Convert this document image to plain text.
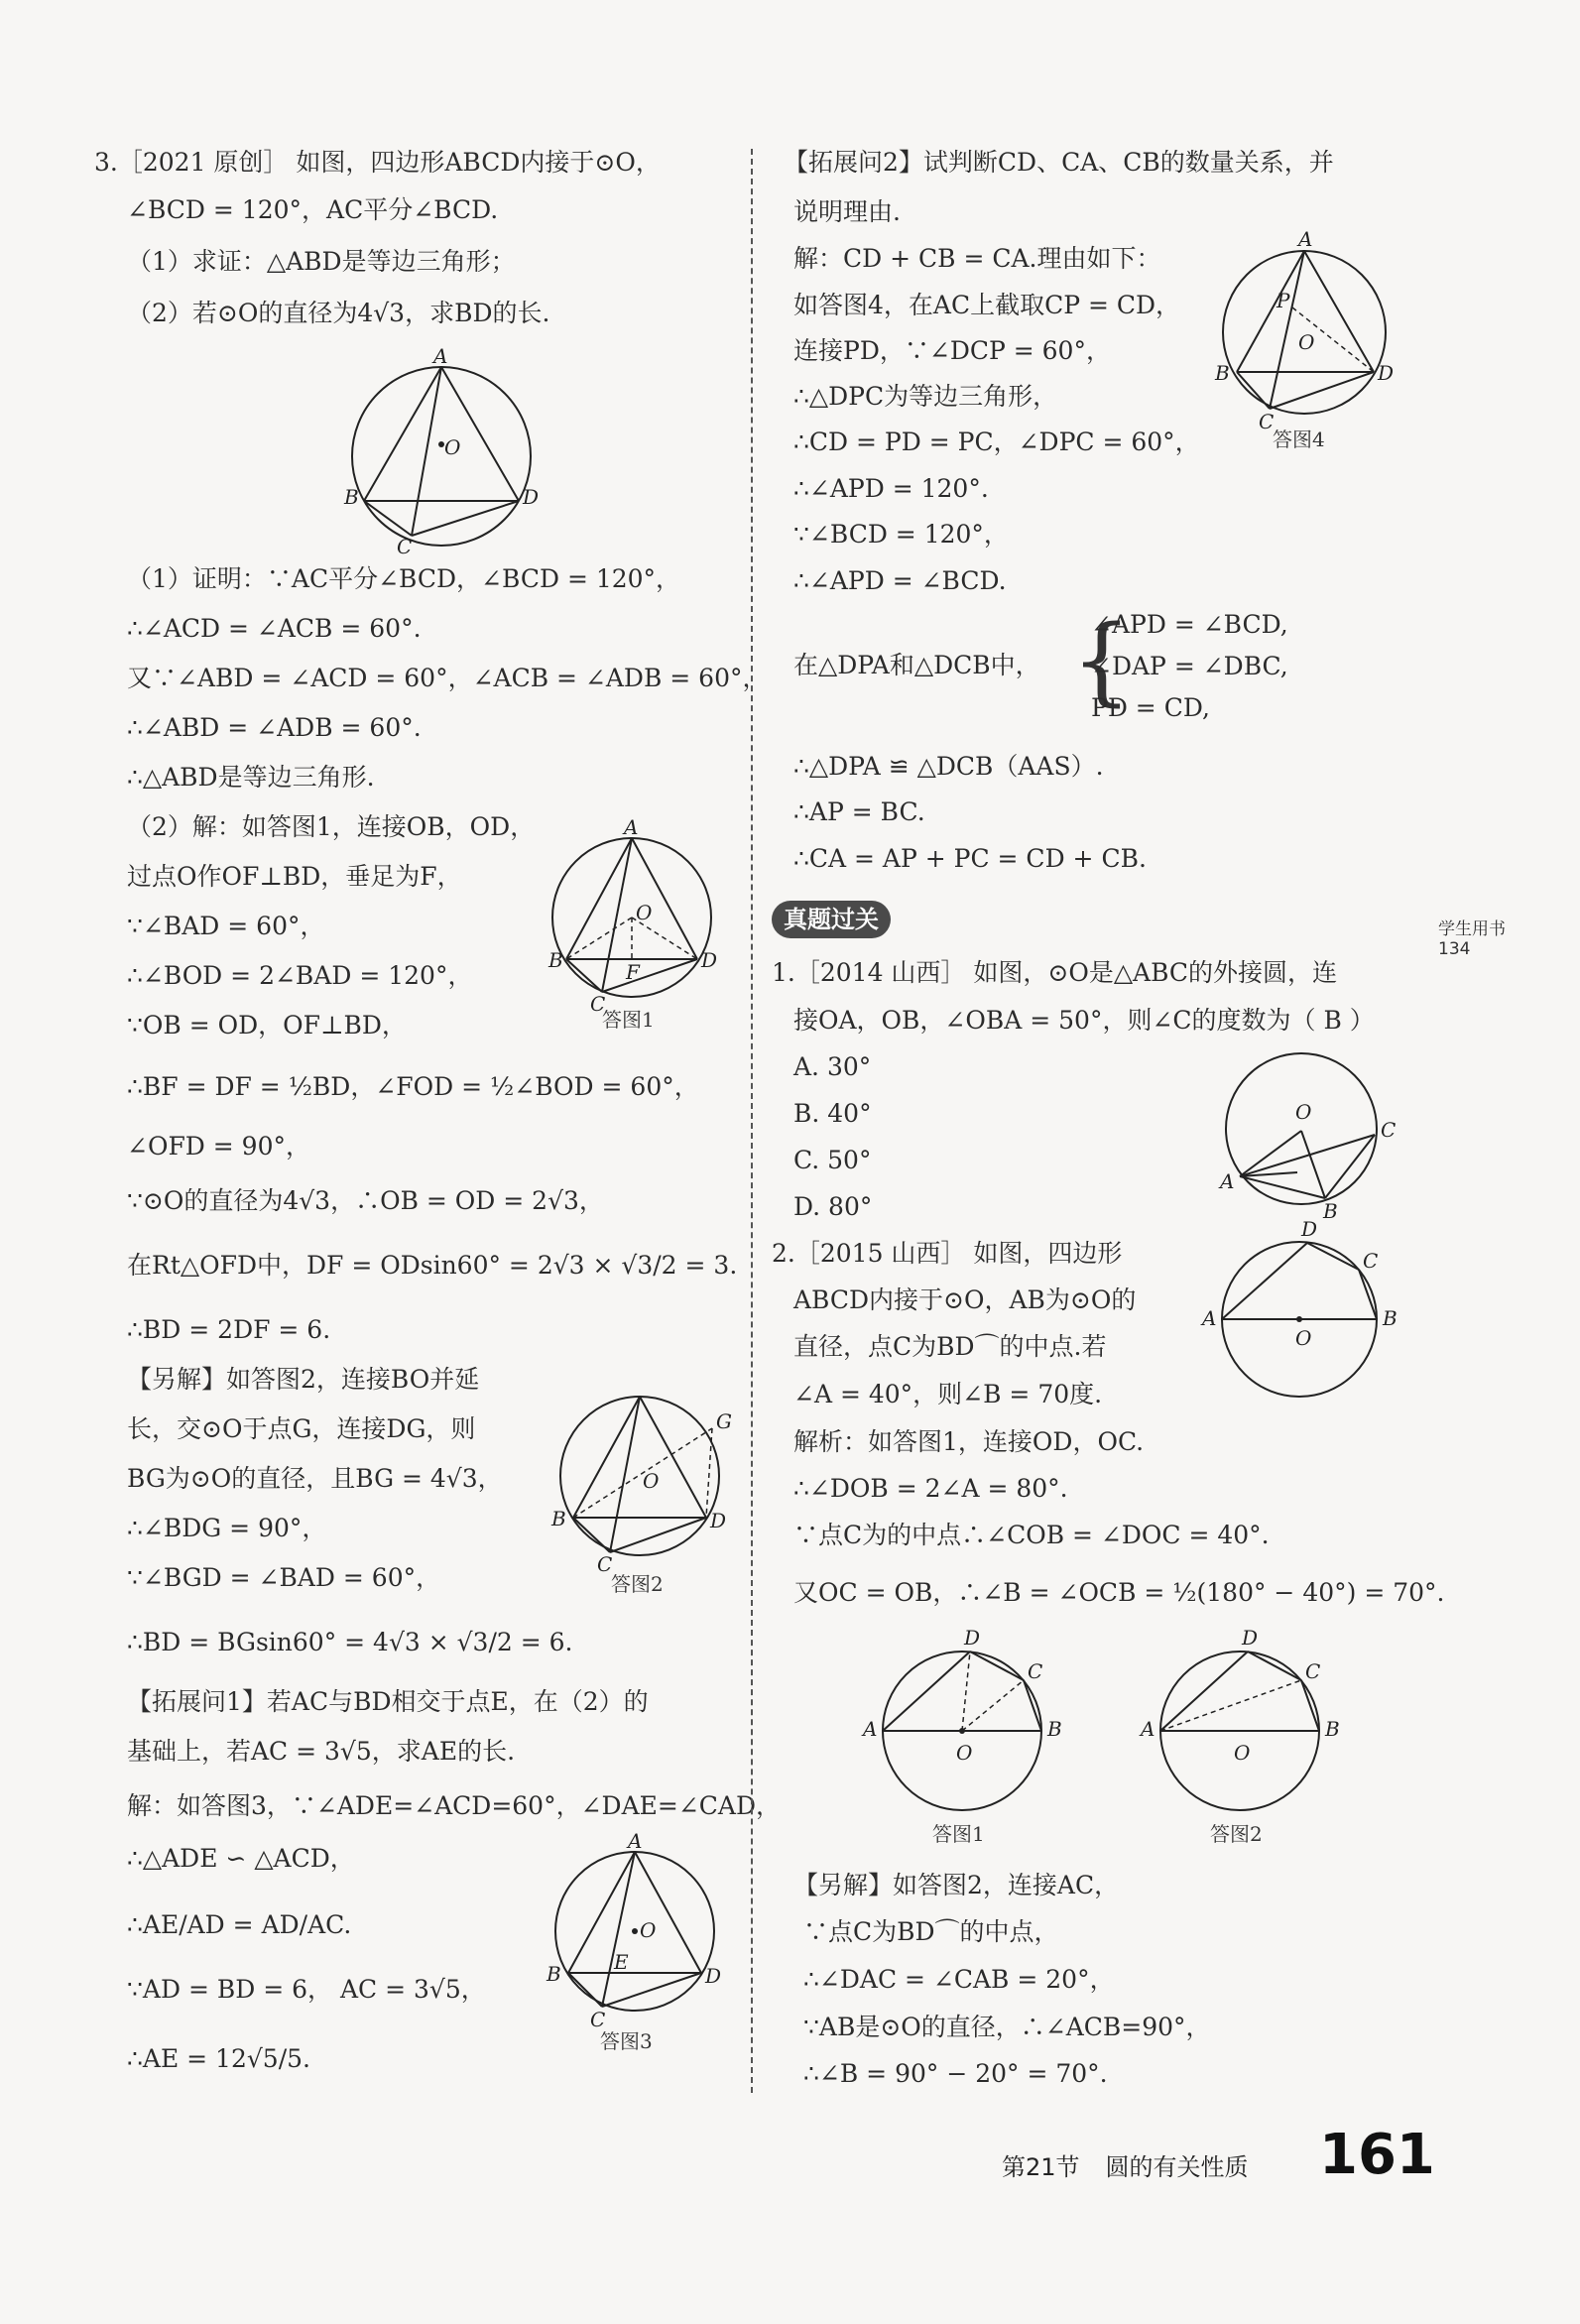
3.［2021 原创］ 如图，四边形ABCD内接于⊙O，
∠BCD = 120°，AC平分∠BCD.
（1）求证：△ABD是等边三角形；
（2）若⊙O的直径为4√3，求BD的长.
O
A
B	D
C
（1）证明：∵AC平分∠BCD，∠BCD = 120°，
∴∠ACD = ∠ACB = 60°.
又∵∠ABD = ∠ACD = 60°，∠ACB = ∠ADB = 60°，
∴∠ABD = ∠ADB = 60°.
∴△ABD是等边三角形.
（2）解：如答图1，连接OB，OD，
过点O作OF⊥BD，垂足为F，
∵∠BAD = 60°，
∴∠BOD = 2∠BAD = 120°，
∵OB = OD，OF⊥BD，
∴BF = DF = ½BD，∠FOD = ½∠BOD = 60°，
∠OFD = 90°，
∵⊙O的直径为4√3，∴OB = OD = 2√3，
在Rt△OFD中，DF = ODsin60° = 2√3 × √3/2 = 3.
∴BD = 2DF = 6.
O
A
B	D
F
C
答图1
【另解】如答图2，连接BO并延
长，交⊙O于点G，连接DG，则
BG为⊙O的直径，且BG = 4√3，
∴∠BDG = 90°，
∵∠BGD = ∠BAD = 60°，
∴BD = BGsin60° = 4√3 × √3/2 = 6.
O
G
B	D
C
答图2
【拓展问1】若AC与BD相交于点E，在（2）的
基础上，若AC = 3√5，求AE的长.
解：如答图3，∵∠ADE=∠ACD=60°，∠DAE=∠CAD，
∴△ADE ∽ △ACD，
∴AE/AD = AD/AC.
∵AD = BD = 6， AC = 3√5，
∴AE = 12√5/5.
O
E
A
B	D
C
答图3
【拓展问2】试判断CD、CA、CB的数量关系，并
说明理由.
解：CD + CB = CA.理由如下：
如答图4，在AC上截取CP = CD，
连接PD，∵∠DCP = 60°，
∴△DPC为等边三角形，
∴CD = PD = PC，∠DPC = 60°，
∴∠APD = 120°.
∵∠BCD = 120°，
∴∠APD = ∠BCD.
在△DPA和△DCB中， {
∠APD = ∠BCD,
∠DAP = ∠DBC,
PD = CD,
∴△DPA ≌ △DCB（AAS）.
∴AP = BC.
∴CA = AP + PC = CD + CB.
P
O
A
B	D
C
答图4
真题过关
1.［2014 山西］ 如图，⊙O是△ABC的外接圆，连
接OA，OB，∠OBA = 50°，则∠C的度数为（ B ）
A. 30°
B. 40°
C. 50°
D. 80°
O
A
B
C
2.［2015 山西］ 如图，四边形
ABCD内接于⊙O，AB为⊙O的
直径，点C为BD⌒的中点.若
∠A = 40°，则∠B = 70度.
O
A	B
C
D
解析：如答图1，连接OD，OC.
∴∠DOB = 2∠A = 80°.
∵点C为的中点∴∠COB = ∠DOC = 40°.
又OC = OB，∴∠B = ∠OCB = ½(180° − 40°) = 70°.
O
A	B
C
D
答图1
O
A	B
C
D
答图2
【另解】如答图2，连接AC，
∵点C为BD⌒的中点，
∴∠DAC = ∠CAB = 20°，
∵AB是⊙O的直径，∴∠ACB=90°，
∴∠B = 90° − 20° = 70°.
学生用书
134
第21节 圆的有关性质 161
